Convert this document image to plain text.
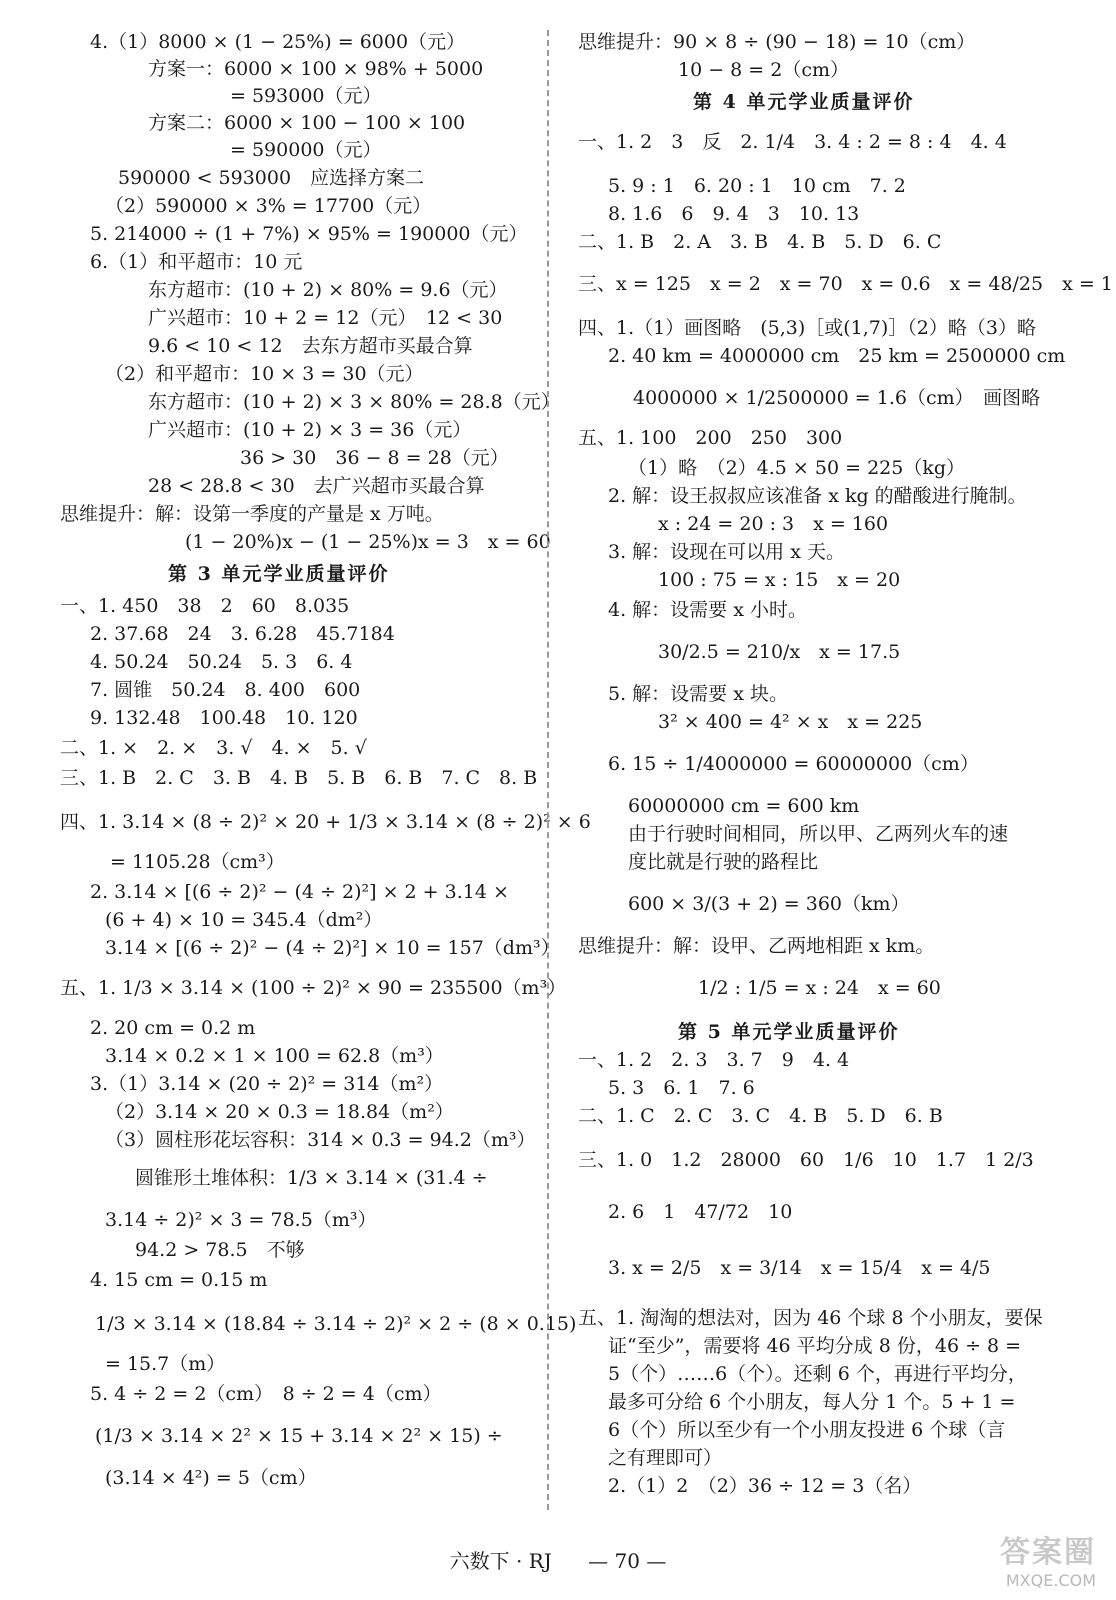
4.（1）8000 × (1 − 25%) = 6000（元）
方案一：6000 × 100 × 98% + 5000
= 593000（元）
方案二：6000 × 100 − 100 × 100
= 590000（元）
590000 < 593000　应选择方案二
（2）590000 × 3% = 17700（元）
5. 214000 ÷ (1 + 7%) × 95% = 190000（元）
6.（1）和平超市：10 元
东方超市：(10 + 2) × 80% = 9.6（元）
广兴超市：10 + 2 = 12（元）　12 < 30
9.6 < 10 < 12　去东方超市买最合算
（2）和平超市：10 × 3 = 30（元）
东方超市：(10 + 2) × 3 × 80% = 28.8（元）
广兴超市：(10 + 2) × 3 = 36（元）
36 > 30　36 − 8 = 28（元）
28 < 28.8 < 30　去广兴超市买最合算
思维提升：解：设第一季度的产量是 x 万吨。
(1 − 20%)x − (1 − 25%)x = 3　x = 60
第 3 单元学业质量评价
一、1. 450　38　2　60　8.035
2. 37.68　24　3. 6.28　45.7184
4. 50.24　50.24　5. 3　6. 4
7. 圆锥　50.24　8. 400　600
9. 132.48　100.48　10. 120
二、1. ×　2. ×　3. √　4. ×　5. √
三、1. B　2. C　3. B　4. B　5. B　6. B　7. C　8. B
四、1. 3.14 × (8 ÷ 2)² × 20 + 1/3 × 3.14 × (8 ÷ 2)² × 6
= 1105.28（cm³）
2. 3.14 × [(6 ÷ 2)² − (4 ÷ 2)²] × 2 + 3.14 ×
(6 + 4) × 10 = 345.4（dm²）
3.14 × [(6 ÷ 2)² − (4 ÷ 2)²] × 10 = 157（dm³）
五、1. 1/3 × 3.14 × (100 ÷ 2)² × 90 = 235500（m³）
2. 20 cm = 0.2 m
3.14 × 0.2 × 1 × 100 = 62.8（m³）
3.（1）3.14 × (20 ÷ 2)² = 314（m²）
（2）3.14 × 20 × 0.3 = 18.84（m²）
（3）圆柱形花坛容积：314 × 0.3 = 94.2（m³）
圆锥形土堆体积：1/3 × 3.14 × (31.4 ÷
3.14 ÷ 2)² × 3 = 78.5（m³）
94.2 > 78.5　不够
4. 15 cm = 0.15 m
1/3 × 3.14 × (18.84 ÷ 3.14 ÷ 2)² × 2 ÷ (8 × 0.15)
= 15.7（m）
5. 4 ÷ 2 = 2（cm）　8 ÷ 2 = 4（cm）
(1/3 × 3.14 × 2² × 15 + 3.14 × 2² × 15) ÷
(3.14 × 4²) = 5（cm）
思维提升：90 × 8 ÷ (90 − 18) = 10（cm）
10 − 8 = 2（cm）
第 4 单元学业质量评价
一、1. 2　3　反　2. 1/4　3. 4 : 2 = 8 : 4　4. 4
5. 9 : 1　6. 20 : 1　10 cm　7. 2
8. 1.6　6　9. 4　3　10. 13
二、1. B　2. A　3. B　4. B　5. D　6. C
三、x = 125　x = 2　x = 70　x = 0.6　x = 48/25　x = 1
四、1.（1）画图略　(5,3)［或(1,7)］（2）略（3）略
2. 40 km = 4000000 cm　25 km = 2500000 cm
4000000 × 1/2500000 = 1.6（cm）　画图略
五、1. 100　200　250　300
（1）略　（2）4.5 × 50 = 225（kg）
2. 解：设王叔叔应该准备 x kg 的醋酸进行腌制。
x : 24 = 20 : 3　x = 160
3. 解：设现在可以用 x 天。
100 : 75 = x : 15　x = 20
4. 解：设需要 x 小时。
30/2.5 = 210/x　x = 17.5
5. 解：设需要 x 块。
3² × 400 = 4² × x　x = 225
6. 15 ÷ 1/4000000 = 60000000（cm）
60000000 cm = 600 km
由于行驶时间相同，所以甲、乙两列火车的速
度比就是行驶的路程比
600 × 3/(3 + 2) = 360（km）
思维提升：解：设甲、乙两地相距 x km。
1/2 : 1/5 = x : 24　x = 60
第 5 单元学业质量评价
一、1. 2　2. 3　3. 7　9　4. 4
5. 3　6. 1　7. 6
二、1. C　2. C　3. C　4. B　5. D　6. B
三、1. 0　1.2　28000　60　1/6　10　1.7　1 2/3
2. 6　1　47/72　10
3. x = 2/5　x = 3/14　x = 15/4　x = 4/5
五、1. 淘淘的想法对，因为 46 个球 8 个小朋友，要保
证“至少”，需要将 46 平均分成 8 份，46 ÷ 8 =
5（个）……6（个）。还剩 6 个，再进行平均分，
最多可分给 6 个小朋友，每人分 1 个。5 + 1 =
6（个）所以至少有一个小朋友投进 6 个球（言
之有理即可）
2.（1）2　（2）36 ÷ 12 = 3（名）
六数下 · RJ — 70 —	答案圈
MXQE.COM
